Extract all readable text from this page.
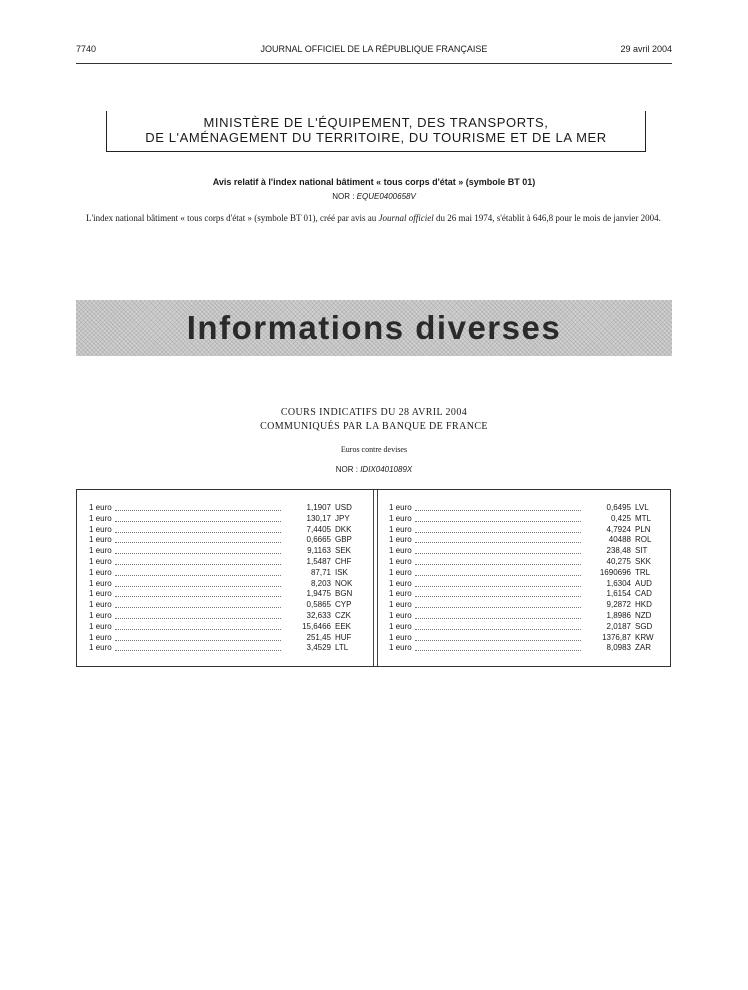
7740	JOURNAL OFFICIEL DE LA RÉPUBLIQUE FRANÇAISE	29 avril 2004
MINISTÈRE DE L'ÉQUIPEMENT, DES TRANSPORTS,
DE L'AMÉNAGEMENT DU TERRITOIRE, DU TOURISME ET DE LA MER
Avis relatif à l'index national bâtiment « tous corps d'état » (symbole BT 01)
NOR : EQUE0400658V
L'index national bâtiment « tous corps d'état » (symbole BT 01), créé par avis au Journal officiel du 26 mai 1974, s'établit à 646,8 pour le mois de janvier 2004.
Informations diverses
COURS INDICATIFS DU 28 AVRIL 2004
COMMUNIQUÉS PAR LA BANQUE DE FRANCE
Euros contre devises
NOR : IDIX0401089X
1 euro	1,1907 USD
1 euro	130,17 JPY
1 euro	7,4405 DKK
1 euro	0,6665 GBP
1 euro	9,1163 SEK
1 euro	1,5487 CHF
1 euro	87,71 ISK
1 euro	8,203 NOK
1 euro	1,9475 BGN
1 euro	0,5865 CYP
1 euro	32,633 CZK
1 euro	15,6466 EEK
1 euro	251,45 HUF
1 euro	3,4529 LTL
1 euro	0,6495 LVL
1 euro	0,425 MTL
1 euro	4,7924 PLN
1 euro	40488 ROL
1 euro	238,48 SIT
1 euro	40,275 SKK
1 euro	1690696 TRL
1 euro	1,6304 AUD
1 euro	1,6154 CAD
1 euro	9,2872 HKD
1 euro	1,8986 NZD
1 euro	2,0187 SGD
1 euro	1376,87 KRW
1 euro	8,0983 ZAR
